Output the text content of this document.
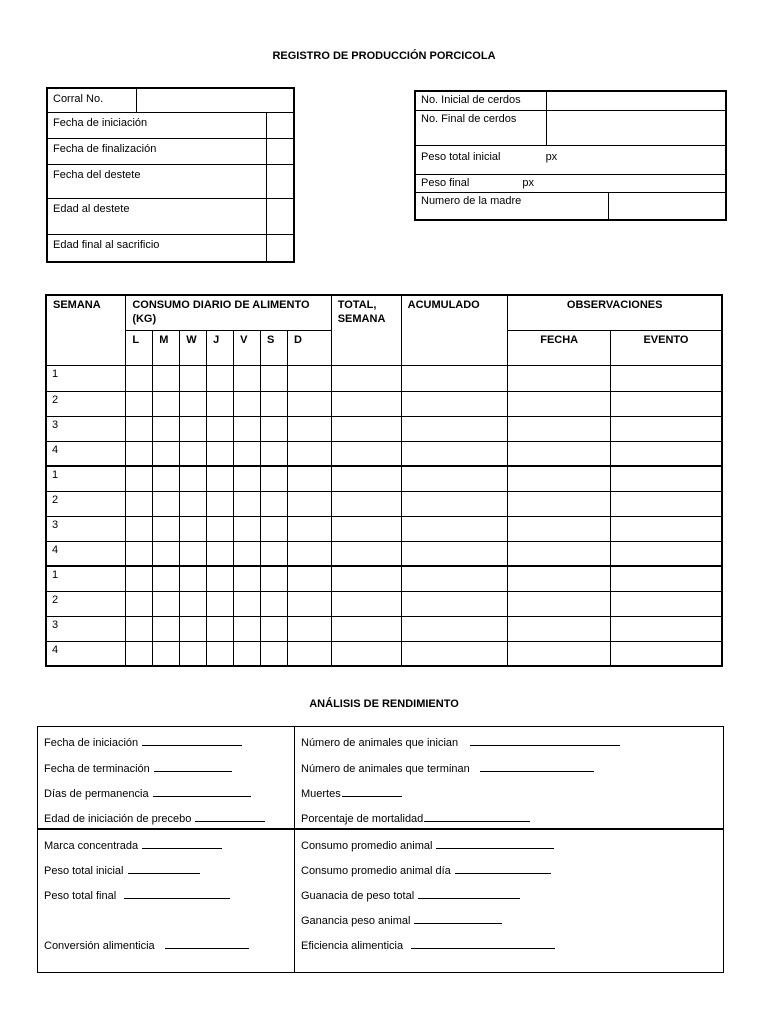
REGISTRO DE PRODUCCIÓN PORCICOLA
Corral No.		
Fecha de iniciación		
Fecha de finalización		
Fecha del destete		
Edad al destete		
Edad final al sacrificio		
No. Inicial de cerdos		
No. Final de cerdos		
Peso total inicial px		
Peso final px		
Numero de la madre		
SEMANA	CONSUMO DIARIO DE ALIMENTO (KG)							TOTAL, SEMANA	ACUMULADO	OBSERVACIONES	
	L	M	W	J	V	S	D			FECHA	EVENTO
1											
2											
3											
4											
1											
2											
3											
4											
1											
2											
3											
4											
ANÁLISIS DE RENDIMIENTO
Fecha de iniciación
Fecha de terminación
Días de permanencia
Edad de iniciación de precebo
Número de animales que inician
Número de animales que terminan
Muertes
Porcentaje de mortalidad
Marca concentrada
Peso total inicial
Peso total final
Conversión alimenticia
Consumo promedio animal
Consumo promedio animal día
Guanacia de peso total
Ganancia peso animal
Eficiencia alimenticia
